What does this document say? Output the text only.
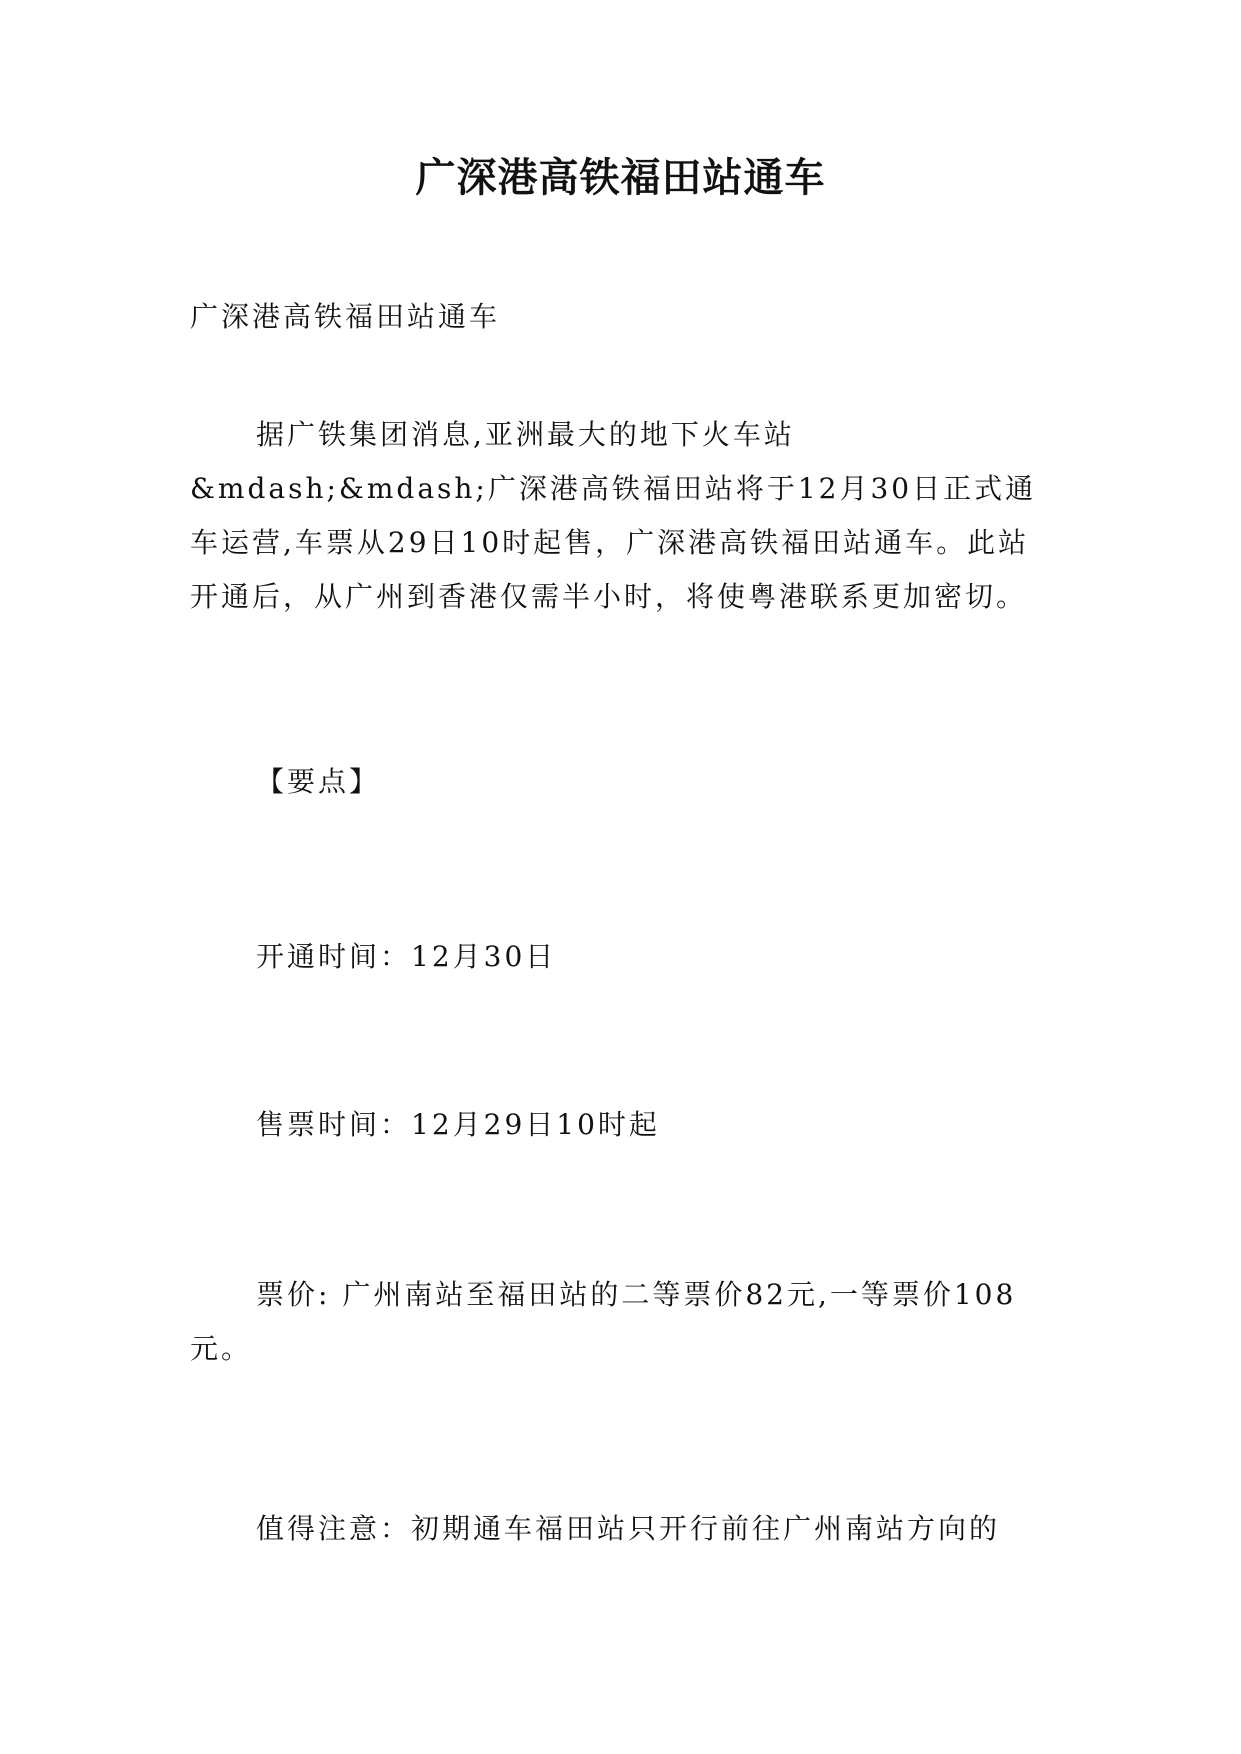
广深港高铁福田站通车

广深港高铁福田站通车

据广铁集团消息,亚洲最大的地下火车站&mdash;&mdash;广深港高铁福田站将于12月30日正式通车运营,车票从29日10时起售，广深港高铁福田站通车。此站开通后，从广州到香港仅需半小时，将使粤港联系更加密切。

【要点】

开通时间：12月30日

售票时间：12月29日10时起

票价: 广州南站至福田站的二等票价82元,一等票价108元。

值得注意：初期通车福田站只开行前往广州南站方向的
